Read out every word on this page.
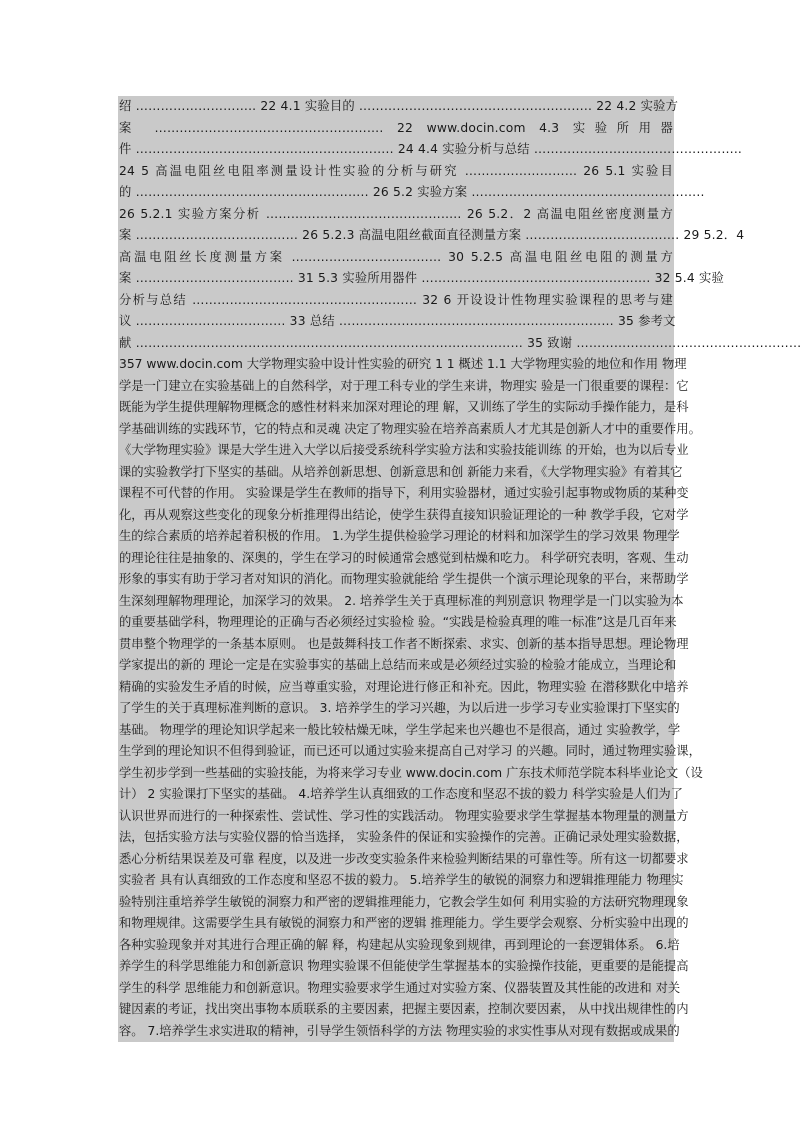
绍 ……………………….. 22 4.1 实验目的 ……………………………………………….. 22 4.2 实验方
案 ………………………………………………. 22 www.docin.com 4.3 实验所用器
件 …………………………………………………….. 24 4.4 实验分析与总结 …………………………………………..
24 5 高温电阻丝电阻率测量设计性实验的分析与研究 ……………………… 26 5.1 实验目
的 ……………………………………………….. 26 5.2 实验方案 ………………………………………………..
26 5.2.1 实验方案分析 ……………………………………….. 26 5.2．2 高温电阻丝密度测量方
案 ………………………………… 26 5.2.3 高温电阻丝截面直径测量方案 ………………………………. 29 5.2．4
高温电阻丝长度测量方案 ……………………………… 30 5.2.5 高温电阻丝电阻的测量方
案 ……………………………….. 31 5.3 实验所用器件 ………………………………………………. 32 5.4 实验
分析与总结 ……………………………………………… 32 6 开设设计性物理实验课程的思考与建
议 ……………………………… 33 总结 ………………………………………………………… 35 参考文
献 ………………………………………………………………………………… 35 致谢 ………………………………………………
357 www.docin.com 大学物理实验中设计性实验的研究 1 1 概述 1.1 大学物理实验的地位和作用 物理
学是一门建立在实验基础上的自然科学，对于理工科专业的学生来讲，物理实 验是一门很重要的课程：它
既能为学生提供理解物理概念的感性材料来加深对理论的理 解，又训练了学生的实际动手操作能力，是科
学基础训练的实践环节，它的特点和灵魂 决定了物理实验在培养高素质人才尤其是创新人才中的重要作用。
《大学物理实验》课是大学生进入大学以后接受系统科学实验方法和实验技能训练 的开始，也为以后专业
课的实验教学打下坚实的基础。从培养创新思想、创新意思和创 新能力来看，《大学物理实验》有着其它
课程不可代替的作用。 实验课是学生在教师的指导下，利用实验器材，通过实验引起事物或物质的某种变
化，再从观察这些变化的现象分析推理得出结论，使学生获得直接知识验证理论的一种 教学手段，它对学
生的综合素质的培养起着积极的作用。 1.为学生提供检验学习理论的材料和加深学生的学习效果 物理学
的理论往往是抽象的、深奥的，学生在学习的时候通常会感觉到枯燥和吃力。 科学研究表明，客观、生动
形象的事实有助于学习者对知识的消化。而物理实验就能给 学生提供一个演示理论现象的平台，来帮助学
生深刻理解物理理论，加深学习的效果。 2. 培养学生关于真理标准的判别意识 物理学是一门以实验为本
的重要基础学科，物理理论的正确与否必须经过实验检 验。“实践是检验真理的唯一标准”这是几百年来
贯串整个物理学的一条基本原则。 也是鼓舞科技工作者不断探索、求实、创新的基本指导思想。理论物理
学家提出的新的 理论一定是在实验事实的基础上总结而来或是必须经过实验的检验才能成立，当理论和
精确的实验发生矛盾的时候，应当尊重实验，对理论进行修正和补充。因此，物理实验 在潜移默化中培养
了学生的关于真理标准判断的意识。 3. 培养学生的学习兴趣，为以后进一步学习专业实验课打下坚实的
基础。 物理学的理论知识学起来一般比较枯燥无味，学生学起来也兴趣也不是很高，通过 实验教学，学
生学到的理论知识不但得到验证，而已还可以通过实验来提高自己对学习 的兴趣。同时，通过物理实验课，
学生初步学到一些基础的实验技能，为将来学习专业 www.docin.com 广东技术师范学院本科毕业论文（设
计） 2 实验课打下坚实的基础。 4.培养学生认真细致的工作态度和坚忍不拔的毅力 科学实验是人们为了
认识世界而进行的一种探索性、尝试性、学习性的实践活动。 物理实验要求学生掌握基本物理量的测量方
法，包括实验方法与实验仪器的恰当选择， 实验条件的保证和实验操作的完善。正确记录处理实验数据，
悉心分析结果误差及可靠 程度，以及进一步改变实验条件来检验判断结果的可靠性等。所有这一切都要求
实验者 具有认真细致的工作态度和坚忍不拔的毅力。 5.培养学生的敏锐的洞察力和逻辑推理能力 物理实
验特别注重培养学生敏锐的洞察力和严密的逻辑推理能力，它教会学生如何 利用实验的方法研究物理现象
和物理规律。这需要学生具有敏锐的洞察力和严密的逻辑 推理能力。学生要学会观察、分析实验中出现的
各种实验现象并对其进行合理正确的解 释，构建起从实验现象到规律，再到理论的一套逻辑体系。 6.培
养学生的科学思维能力和创新意识 物理实验课不但能使学生掌握基本的实验操作技能，更重要的是能提高
学生的科学 思维能力和创新意识。物理实验要求学生通过对实验方案、仪器装置及其性能的改进和 对关
键因素的考证，找出突出事物本质联系的主要因素，把握主要因素，控制次要因素， 从中找出规律性的内
容。 7.培养学生求实进取的精神，引导学生领悟科学的方法 物理实验的求实性事从对现有数据或成果的
